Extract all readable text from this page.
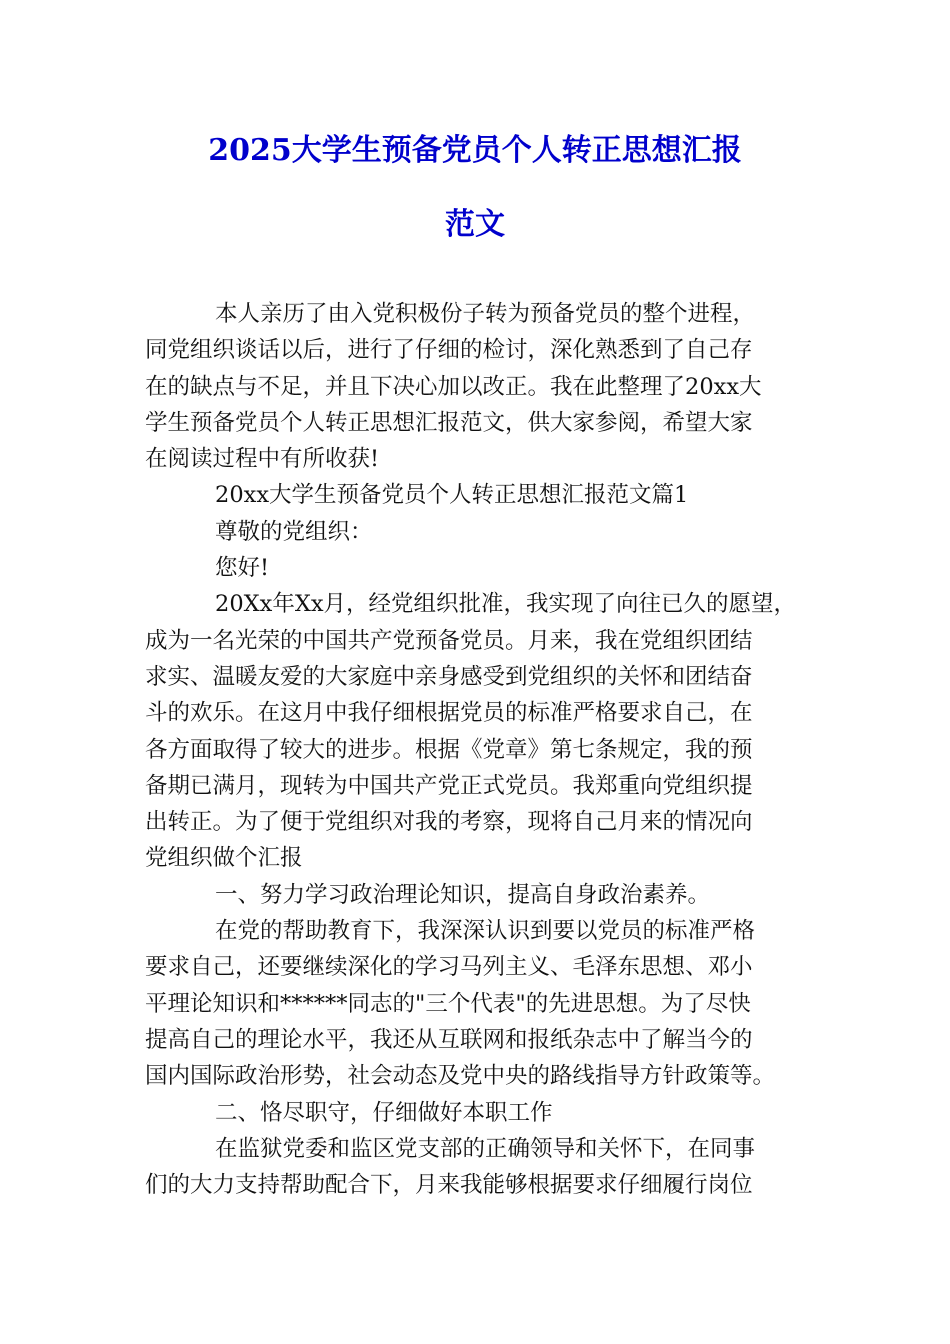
2025大学生预备党员个人转正思想汇报
范文
本人亲历了由入党积极份子转为预备党员的整个进程，
同党组织谈话以后，进行了仔细的检讨，深化熟悉到了自己存
在的缺点与不足，并且下决心加以改正。我在此整理了20xx大
学生预备党员个人转正思想汇报范文，供大家参阅，希望大家
在阅读过程中有所收获!
20xx大学生预备党员个人转正思想汇报范文篇1
尊敬的党组织：
您好!
20Xx年Xx月，经党组织批准，我实现了向往已久的愿望，
成为一名光荣的中国共产党预备党员。月来，我在党组织团结
求实、温暖友爱的大家庭中亲身感受到党组织的关怀和团结奋
斗的欢乐。在这月中我仔细根据党员的标准严格要求自己，在
各方面取得了较大的进步。根据《党章》第七条规定，我的预
备期已满月，现转为中国共产党正式党员。我郑重向党组织提
出转正。为了便于党组织对我的考察，现将自己月来的情况向
党组织做个汇报
一、努力学习政治理论知识，提高自身政治素养。
在党的帮助教育下，我深深认识到要以党员的标准严格
要求自己，还要继续深化的学习马列主义、毛泽东思想、邓小
平理论知识和******同志的"三个代表"的先进思想。为了尽快
提高自己的理论水平，我还从互联网和报纸杂志中了解当今的
国内国际政治形势，社会动态及党中央的路线指导方针政策等。
二、恪尽职守，仔细做好本职工作
在监狱党委和监区党支部的正确领导和关怀下，在同事
们的大力支持帮助配合下，月来我能够根据要求仔细履行岗位
